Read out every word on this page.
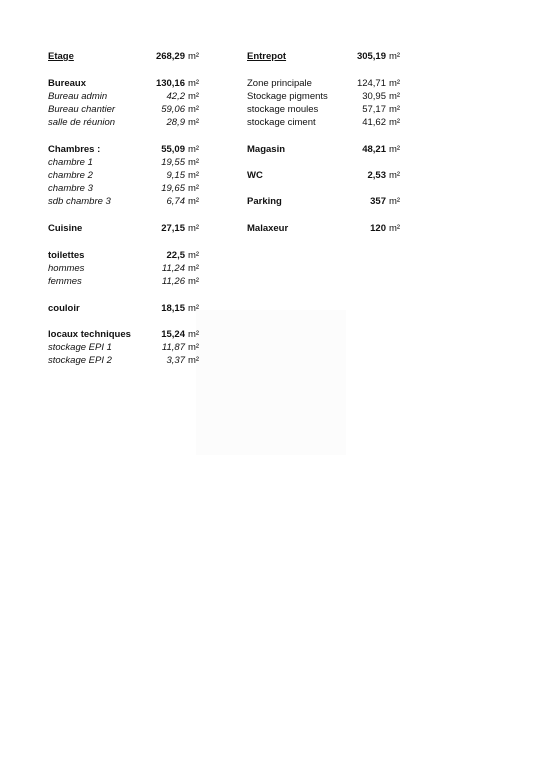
Etage	268,29 m²
Bureaux	130,16 m²
Bureau admin	42,2 m²
Bureau chantier	59,06 m²
salle de réunion	28,9 m²
Chambres :	55,09 m²
chambre 1	19,55 m²
chambre 2	9,15 m²
chambre 3	19,65 m²
sdb chambre 3	6,74 m²
Cuisine	27,15 m²
toilettes	22,5 m²
hommes	11,24 m²
femmes	11,26 m²
couloir	18,15 m²
locaux techniques	15,24 m²
stockage EPI 1	11,87 m²
stockage EPI 2	3,37 m²
Entrepot	305,19 m²
Zone principale	124,71 m²
Stockage pigments	30,95 m²
stockage moules	57,17 m²
stockage ciment	41,62 m²
Magasin	48,21 m²
WC	2,53 m²
Parking	357 m²
Malaxeur	120 m²
